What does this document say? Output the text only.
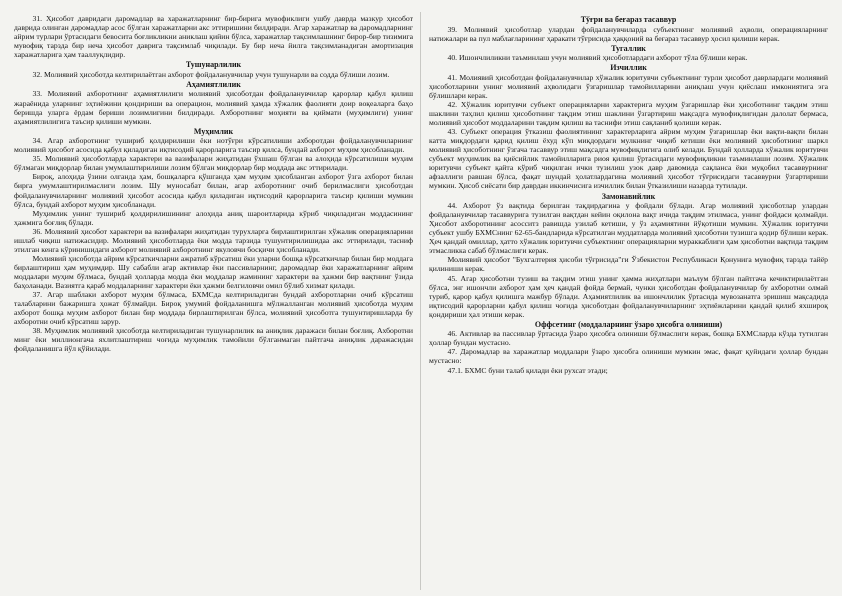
31. Ҳисобот давридаги даромадлар ва харажатларнинг бир-бирига мувофиклиги ушбу даврда мазкур ҳисобот даврида олинган даромадлар асос бўлган харажатларни акс эттиришини билдиради. Агар харажатлар ва даромадларнинг айрим турлари ўртасидаги бевосита боғликликни аниклаш қийин бўлса, харажатлар тақсимлашнинг бирор-бир тизимига мувофиқ тарзда бир неча ҳисобот даврига тақсимлаб чиқилади. Бу бир неча йилга тақсимланадиган амортизация харажатларига ҳам тааллуқлидир.

Тушунарлилик

32. Молиявий ҳисоботда келтирилаётган ахборот фойдаланувчилар учун тушунарли ва содда бўлиши лозим.

Аҳамиятлилик

33. Молиявий ахборотнинг аҳамиятлилиги молиявий ҳисоботдан фойдаланувчилар қарорлар қабул қилиш жараёнида уларнинг эҳтиёжини қондириши ва операцион, молиявий ҳамда хўжалик фаолияти доир воқеаларга баҳо беришда уларга ёрдам бериши лозимлигини билдиради. Ахборотнинг моҳияти ва қиймати (муҳимлиги) унинг аҳамиятлилигига таъсир қилиши мумкин.

Муҳимлик

34. Агар ахборотнинг тушириб қолдирилиши ёки нотўғри кўрсатилиши ахборотдан фойдаланувчиларнинг молиявий ҳисобот асосида қабул қиладиган иқтисодий қарорларига таъсир қилса, бундай ахборот муҳим ҳисобланади.

35. Молиявий ҳисоботларда характери ва вазифалари жиҳатидан ўхшаш бўлган ва алоҳида кўрсатилиши муҳим бўлмаган миқдорлар билан умумлаштирилиши лозим бўлган миқдорлар бир моддада акс эттирилади.

Бироқ, алоҳида ўзини олганда ҳам, бошқаларга қўшганда ҳам муҳим ҳисобланган ахборот ўзга ахборот билан бирга умумлаштирилмаслиги лозим. Шу муносабат билан, агар ахборотнинг очиб берилмаслиги ҳисоботдан фойдаланувчиларнинг молиявий ҳисобот асосида қабул қиладиган иқтисодий қарорларига таъсир қилиши мумкин бўлса, бундай ахборот муҳим ҳисобланади.

Муҳимлик унинг тушириб қолдирилишининг алоҳида аниқ шароитларида кўриб чиқиладиган моддасининг ҳажмига боғлиқ бўлади.

36. Молиявий ҳисобот характери ва вазифалари жиҳатидан турухларга бирлаштирилган хўжалик операцияларини ишлаб чиқиш натижасидир. Молиявий ҳисоботларда ёки модда тарзида тушунтирилишидаа акс эттирилади, тасниф этилган кенга кўринишидаги ахборот молиявий ахборотнинг якуловчи босқичи ҳисобланади.

Молиявий ҳисоботда айрим кўрсаткичларни ажратиб кўрсатиш ёки уларни бошқа кўрсаткичлар билан бир моддага бирлаштириш ҳам муҳимдир. Шу сабабли агар активлар ёки пассивларнинг, даромадлар ёки харажатларнинг айрим моддалари муҳим бўлмаса, бундай ҳолларда модда ёки моддалар жамининг характери ва ҳажми бир вақтнинг ўзида баҳоланади. Вазиятга қараб моддаларнинг характери ёки ҳажми белгиловчи омил бўлиб хизмат қилади.

37. Агар шаблаки ахборот муҳим бўлмаса, БХМСда келтириладиган бундай ахборотларни очиб кўрсатиш талабларини бажаришга ҳожат бўлмайди. Бироқ умумий фойдаланишга мўлжалланган молиявий ҳисоботда муҳим ахборот бошқа муҳим ахборот билан бир моддада бирлаштирилган бўлса, молиявий ҳисоботга тушунтиришларда бу ахборотни очиб кўрсатиш зарур.

38. Муҳимлик молиявий ҳисоботда келтириладиган тушунарлилик ва аниқлик даражаси билан боғлиқ. Ахборотни минг ёки миллионгача яхлитлаштириш чоғида муҳимлик тамойили бўлганмаган пайтгача аниқлик даражасидан фойдаланишга йўл қўйилади.

Тўғри ва беғараз тасаввур

39. Молиявий ҳисоботлар улардан фойдаланувчиларда субъектнинг молиявий аҳволи, операцияларнинг натижалари ва пул маблағларининг ҳаракати тўғрисида ҳаққоний ва беғараз тасаввур ҳосил қилиши керак.

Тугаллик

40. Ишончлиликни таъминлаш учун молиявий ҳисоботлардаги ахборот тўла бўлиши керак.

Изчиллик

41. Молиявий ҳисоботдан фойдаланувчилар хўжалик юритувчи субъектнинг турли ҳисобот даврлардаги молиявий ҳисоботларини унинг молиявий аҳволидаги ўзгаришлар тамойилларини аниқлаш учун қиёслаш имкониятига эга бўлишлари керак.

42. Хўжалик юритувчи субъект операцияларни характерига муҳим ўзгаришлар ёки ҳисоботнинг тақдим этиш шаклини таҳлил қилиш ҳисоботнинг тақдим этиш шаклини ўзгартириш мақсадга мувофиқлигидан далолат бермаса, молиявий ҳисобот моддаларини тақдим қилиш ва таснифи этиш сақланиб қолиши керак.

43. Субъект операция ўтказиш фаолиятининг характерларига айрим муҳим ўзгаришлар ёки вақти-вақти билан катта миқдордаги қарид қилиш ёхуд кўп миқдордаги мулкнинг чиқиб кетиши ёки молиявий ҳисоботнинг шаркл молиявий ҳисоботнинг ўзгача тасаввур этиш мақсадга мувофиқлигига олиб келади. Бундай ҳолларда хўжалик юритувчи субъект муҳимлик ва қиёсийлик тамойилларига риоя қилиш ўртасидаги мувофиқликни таъминлаши лозим. Хўжалик юритувчи субъект қайта кўриб чиқилган ички тузилиш узок давр давомида сақланса ёки муқобил тасаввурнинг афзаллиги равшан бўлса, фақат шундай ҳолатлардагина молиявий ҳисобот тўғрисидаги тасаввурни ўзгартириши мумкин. Ҳисоб сиёсати бир даврдан иккинчисига изчиллик билан ўтказилиши назарда тутилади.

Замонавийлик

44. Ахборот ўз вақтида берилган тақдирдагина у фойдали бўлади. Агар молиявий ҳисоботлар улардан фойдаланувчилар тасаввурига тузилган вақтдан кейин оқилона вақт ичида тақдим этилмаса, унинг фойдаси қолмайди. Ҳисобот ахборотининг асосситз равишда узилаб кетиши, у ўз аҳамиятини йўқотиши мумкин. Хўжалик юритувчи субъект ушбу БХМСнинг 62-65-бандларида кўрсатилган муддатларда молиявий ҳисоботни тузишга қодир бўлиши керак. Ҳеч қандай омиллар, ҳатто хўжалик юритувчи субъектнинг операцияларни мураккаблиги ҳам ҳисоботни вақтида тақдим этмасликка сабаб бўлмаслиги керак.

Молиявий ҳисобот "Бухгалтерия ҳисоби тўғрисида"ги Ўзбекистон Республикаси Қонунига мувофиқ тарзда тайёр қилиниши керак.

45. Агар ҳисоботни тузиш ва тақдим этиш унинг ҳамма жиҳатлари маълум бўлган пайтгача кечиктирилаётган бўлса, энг ишончли ахборот ҳам ҳеч қандай фойда бермай, чунки ҳисоботдан фойдаланувчилар бу ахборотни олмай туриб, қарор қабул қилишга мажбур бўлади. Аҳамиятлилик ва ишончлилик ўртасида мувозанатга эришиш мақсадида иқтисодий қарорларни қабул қилиш чоғида ҳисоботдан фойдаланувчиларнинг эҳтиёжларини қандай қилиб яхшироқ қондириши ҳал этиши керак.

Оффсетинг (моддаларнинг ўзаро ҳисобга олиниши)

46. Активлар ва пассивлар ўртасида ўзаро ҳисобга олиниши бўлмаслиги керак, бошқа БХМСларда кўзда тутилган ҳоллар бундан мустасно.

47. Даромадлар ва харажатлар моддалари ўзаро ҳисобга олиниши мумкин эмас, фақат қуйидаги ҳоллар бундан мустасно:

47.1. БХМС буни талаб қилади ёки рухсат этади;
